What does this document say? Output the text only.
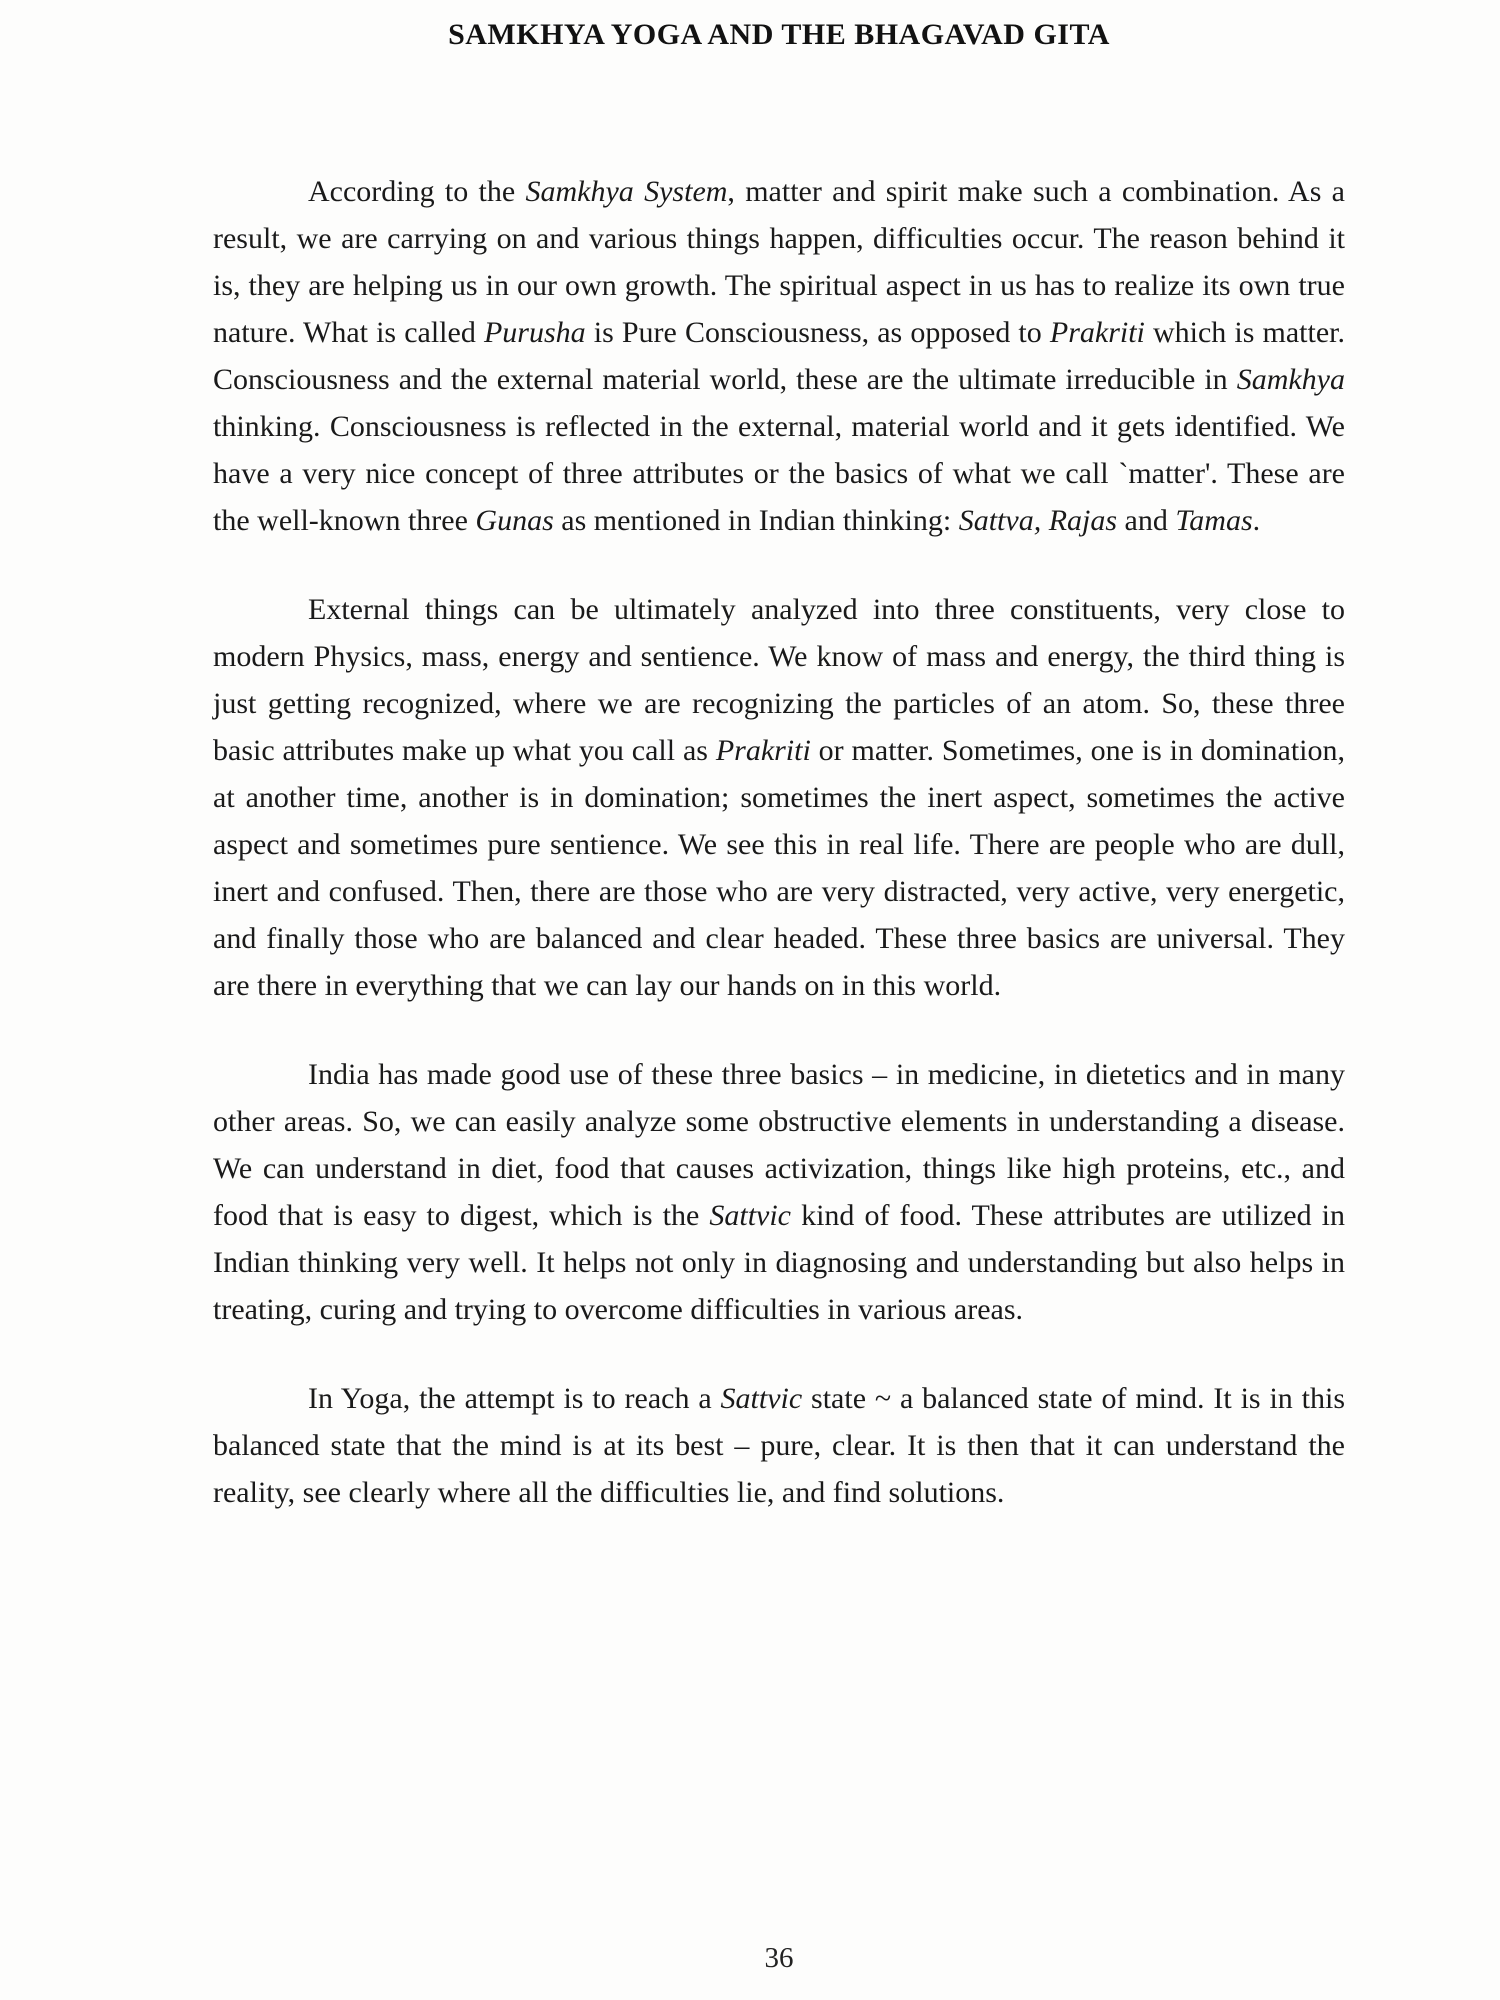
SAMKHYA YOGA AND THE BHAGAVAD GITA

According to the Samkhya System, matter and spirit make such a combination. As a result, we are carrying on and various things happen, difficulties occur. The reason behind it is, they are helping us in our own growth. The spiritual aspect in us has to realize its own true nature. What is called Purusha is Pure Consciousness, as opposed to Prakriti which is matter. Consciousness and the external material world, these are the ultimate irreducible in Samkhya thinking. Consciousness is reflected in the external, material world and it gets identified. We have a very nice concept of three attributes or the basics of what we call `matter'. These are the well-known three Gunas as mentioned in Indian thinking: Sattva, Rajas and Tamas.

External things can be ultimately analyzed into three constituents, very close to modern Physics, mass, energy and sentience. We know of mass and energy, the third thing is just getting recognized, where we are recognizing the particles of an atom. So, these three basic attributes make up what you call as Prakriti or matter. Sometimes, one is in domination, at another time, another is in domination; sometimes the inert aspect, sometimes the active aspect and sometimes pure sentience. We see this in real life. There are people who are dull, inert and confused. Then, there are those who are very distracted, very active, very energetic, and finally those who are balanced and clear headed. These three basics are universal. They are there in everything that we can lay our hands on in this world.

India has made good use of these three basics – in medicine, in dietetics and in many other areas. So, we can easily analyze some obstructive elements in understanding a disease. We can understand in diet, food that causes activization, things like high proteins, etc., and food that is easy to digest, which is the Sattvic kind of food. These attributes are utilized in Indian thinking very well. It helps not only in diagnosing and understanding but also helps in treating, curing and trying to overcome difficulties in various areas.

In Yoga, the attempt is to reach a Sattvic state ~ a balanced state of mind. It is in this balanced state that the mind is at its best – pure, clear. It is then that it can understand the reality, see clearly where all the difficulties lie, and find solutions.

36
